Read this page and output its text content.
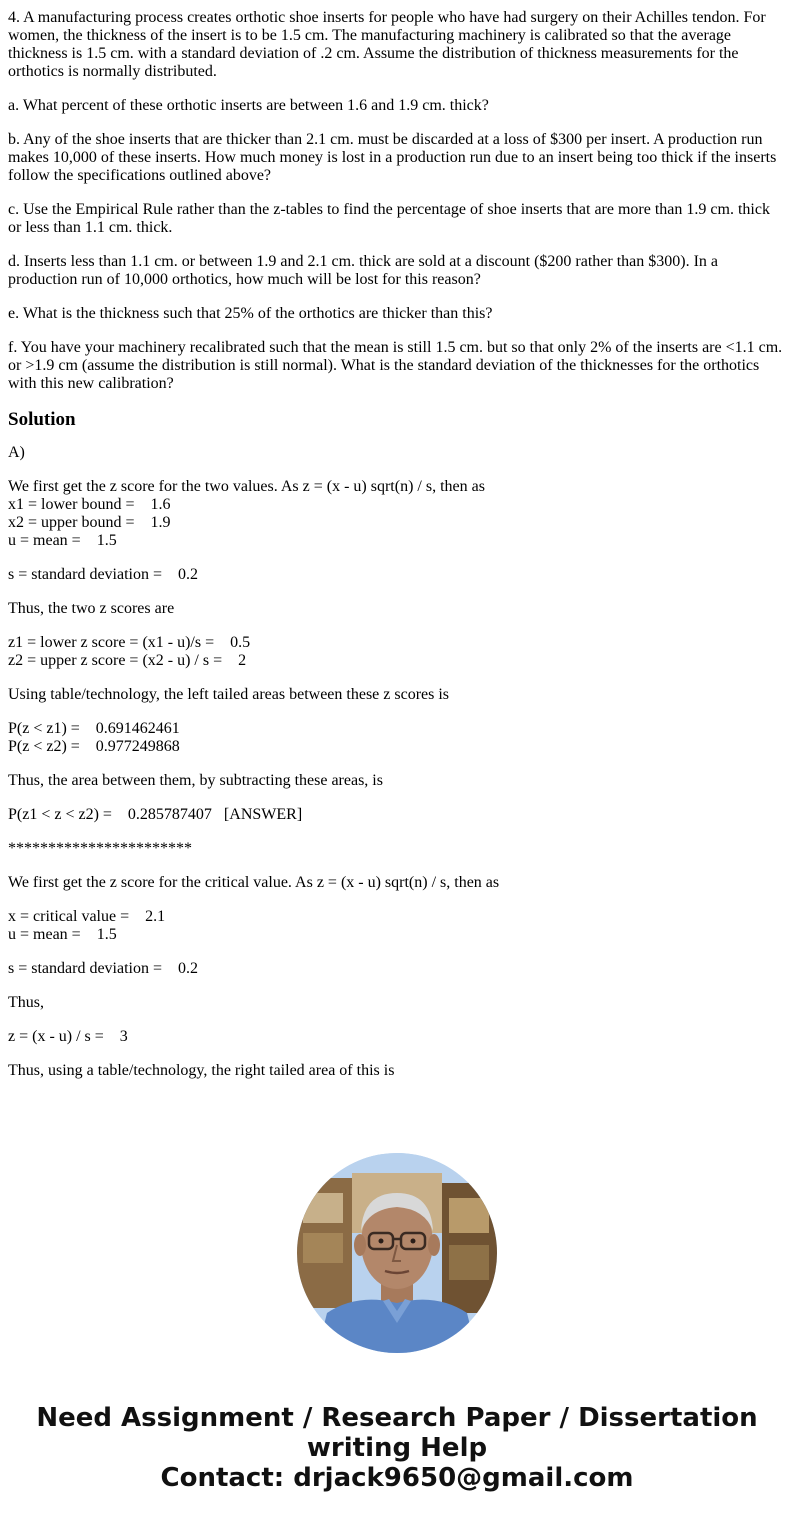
4. A manufacturing process creates orthotic shoe inserts for people who have had surgery on their Achilles tendon. For women, the thickness of the insert is to be 1.5 cm. The manufacturing machinery is calibrated so that the average thickness is 1.5 cm. with a standard deviation of .2 cm. Assume the distribution of thickness measurements for the orthotics is normally distributed.

a. What percent of these orthotic inserts are between 1.6 and 1.9 cm. thick?

b. Any of the shoe inserts that are thicker than 2.1 cm. must be discarded at a loss of $300 per insert. A production run makes 10,000 of these inserts. How much money is lost in a production run due to an insert being too thick if the inserts follow the specifications outlined above?

c. Use the Empirical Rule rather than the z-tables to find the percentage of shoe inserts that are more than 1.9 cm. thick or less than 1.1 cm. thick.

d. Inserts less than 1.1 cm. or between 1.9 and 2.1 cm. thick are sold at a discount ($200 rather than $300). In a production run of 10,000 orthotics, how much will be lost for this reason?

e. What is the thickness such that 25% of the orthotics are thicker than this?

f. You have your machinery recalibrated such that the mean is still 1.5 cm. but so that only 2% of the inserts are <1.1 cm. or >1.9 cm (assume the distribution is still normal). What is the standard deviation of the thicknesses for the orthotics with this new calibration?

Solution

A)

We first get the z score for the two values. As z = (x - u) sqrt(n) / s, then as

x1 = lower bound =    1.6

x2 = upper bound =    1.9

u = mean =    1.5

s = standard deviation =    0.2

Thus, the two z scores are

z1 = lower z score = (x1 - u)/s =    0.5

z2 = upper z score = (x2 - u) / s =    2

Using table/technology, the left tailed areas between these z scores is

P(z < z1) =    0.691462461

P(z < z2) =    0.977249868

Thus, the area between them, by subtracting these areas, is

P(z1 < z < z2) =    0.285787407   [ANSWER]

***********************

We first get the z score for the critical value. As z = (x - u) sqrt(n) / s, then as

x = critical value =    2.1

u = mean =    1.5

s = standard deviation =    0.2

Thus,

z = (x - u) / s =    3

Thus, using a table/technology, the right tailed area of this is

Need Assignment / Research Paper / Dissertation
writing Help
Contact: drjack9650@gmail.com
